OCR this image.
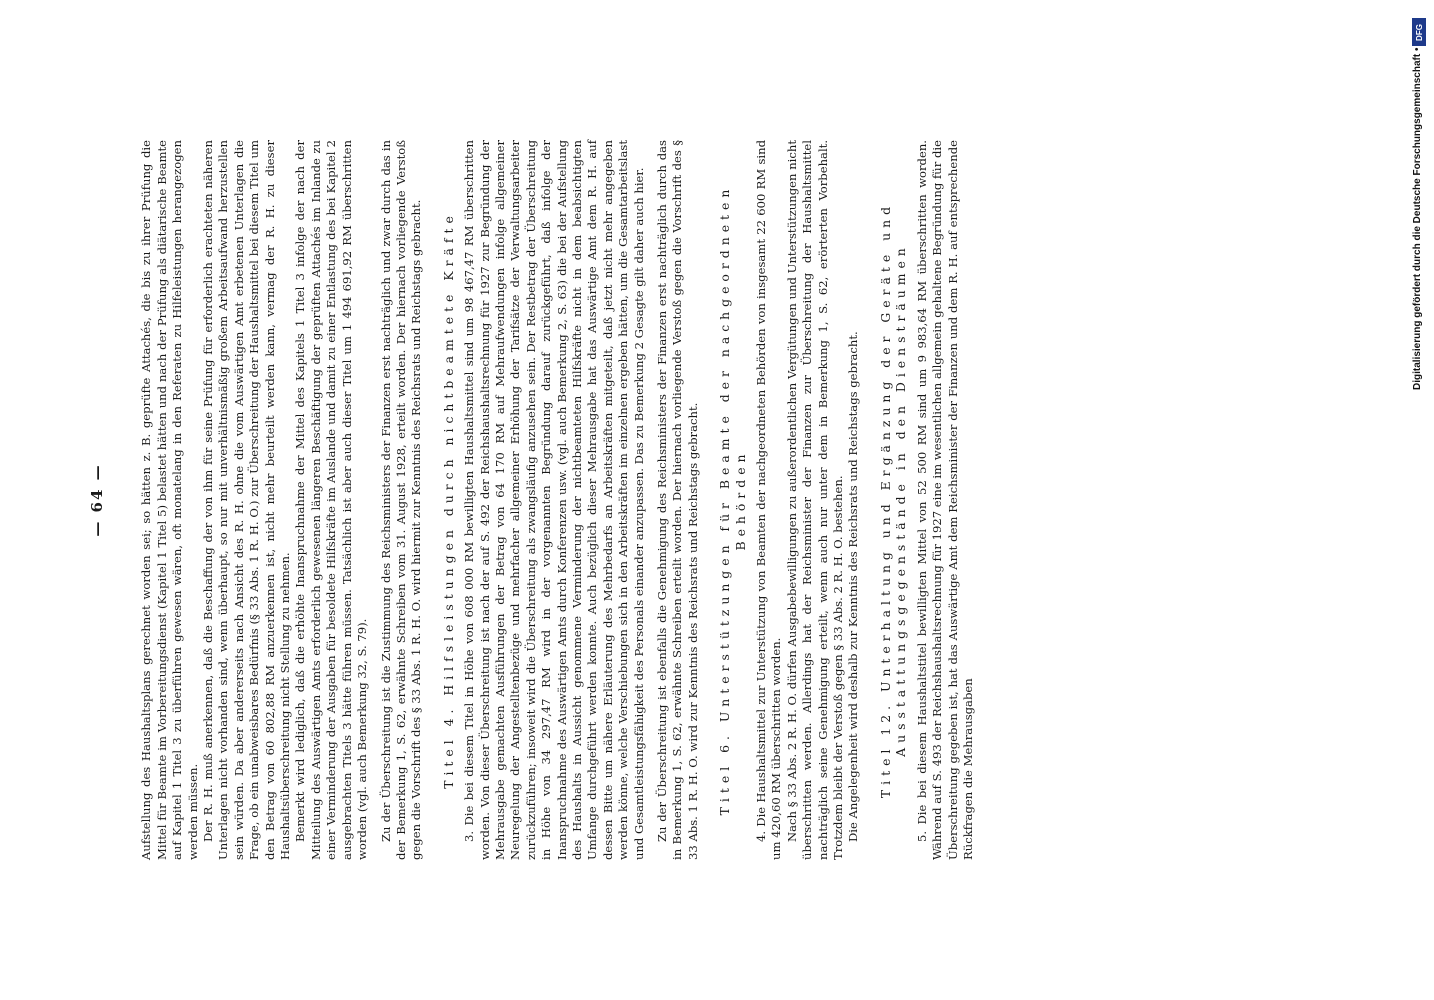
— 64 —	Aufstellung des Haushaltsplans gerechnet worden sei; so hätten z. B. geprüfte Attachés, die bis zu ihrer Prüfung die Mittel für Beamte im Vorbereitungsdienst (Kapitel 1 Titel 5) belastet hätten und nach der Prüfung als diätarische Beamte auf Kapitel 1 Titel 3 zu überführen gewesen wären, oft monatelang in den Referaten zu Hilfeleistungen herangezogen werden müssen. Der R. H. muß anerkennen, daß die Beschaffung der von ihm für seine Prüfung für erforderlich erachteten näheren Unterlagen nicht vorhanden sind, wenn überhaupt, so nur mit unverhältnismäßig großem Arbeitsaufwand herzustellen sein würden. Da aber andererseits nach Ansicht des R. H. ohne die vom Auswärtigen Amt erbetenen Unterlagen die Frage, ob ein unabweisbares Bedürfnis (§ 33 Abs. 1 R. H. O.) zur Überschreitung der Haushaltsmittel bei diesem Titel um den Betrag von 60 802,88 RM anzuerkennen ist, nicht mehr beurteilt werden kann, vermag der R. H. zu dieser Haushaltsüberschreitung nicht Stellung zu nehmen. Bemerkt wird lediglich, daß die erhöhte Inanspruchnahme der Mittel des Kapitels 1 Titel 3 infolge der nach der Mitteilung des Auswärtigen Amts erforderlich gewesenen längeren Beschäftigung der geprüften Attachés im Inlande zu einer Verminderung der Ausgaben für besoldete Hilfskräfte im Auslande und damit zu einer Entlastung des bei Kapitel 2 ausgebrachten Titels 3 hätte führen müssen. Tatsächlich ist aber auch dieser Titel um 1 494 691,92 RM überschritten worden (vgl. auch Bemerkung 32, S. 79). Zu der Überschreitung ist die Zustimmung des Reichsministers der Finanzen erst nachträglich und zwar durch das in der Bemerkung 1, S. 62, erwähnte Schreiben vom 31. August 1928, erteilt worden. Der hiernach vorliegende Verstoß gegen die Vorschrift des § 33 Abs. 1 R. H. O. wird hiermit zur Kenntnis des Reichsrats und Reichstags gebracht. Titel 4. Hilfsleistungen durch nichtbeamtete Kräfte 3. Die bei diesem Titel in Höhe von 608 000 RM bewilligten Haushaltsmittel sind um 98 467,47 RM überschritten worden. Von dieser Überschreitung ist nach der auf S. 492 der Reichshaushaltsrechnung für 1927 zur Begründung der Mehrausgabe gemachten Ausführungen der Betrag von 64 170 RM auf Mehraufwendungen infolge allgemeiner Neuregelung der Angestelltenbezüge und mehrfacher allgemeiner Erhöhung der Tarifsätze der Verwaltungsarbeiter zurückzuführen; insoweit wird die Überschreitung als zwangsläufig anzusehen sein. Der Restbetrag der Überschreitung in Höhe von 34 297,47 RM wird in der vorgenannten Begründung darauf zurückgeführt, daß infolge der Inanspruchnahme des Auswärtigen Amts durch Konferenzen usw. (vgl. auch Bemerkung 2, S. 63) die bei der Aufstellung des Haushalts in Aussicht genommene Verminderung der nichtbeamteten Hilfskräfte nicht in dem beabsichtigten Umfange durchgeführt werden konnte. Auch bezüglich dieser Mehrausgabe hat das Auswärtige Amt dem R. H. auf dessen Bitte um nähere Erläuterung des Mehrbedarfs an Arbeitskräften mitgeteilt, daß jetzt nicht mehr angegeben werden könne, welche Verschiebungen sich in den Arbeitskräften im einzelnen ergeben hätten, um die Gesamtarbeitslast und Gesamtleistungsfähigkeit des Personals einander anzupassen. Das zu Bemerkung 2 Gesagte gilt daher auch hier. Zu der Überschreitung ist ebenfalls die Genehmigung des Reichsministers der Finanzen erst nachträglich durch das in Bemerkung 1, S. 62, erwähnte Schreiben erteilt worden. Der hiernach vorliegende Verstoß gegen die Vorschrift des § 33 Abs. 1 R. H. O. wird zur Kenntnis des Reichsrats und Reichstags gebracht. Titel 6. Unterstützungen für Beamte der nachgeordneten Behörden 4. Die Haushaltsmittel zur Unterstützung von Beamten der nachgeordneten Behörden von insgesamt 22 600 RM sind um 420,60 RM überschritten worden. Nach § 33 Abs. 2 R. H. O. dürfen Ausgabebewilligungen zu außerordentlichen Vergütungen und Unterstützungen nicht überschritten werden. Allerdings hat der Reichsminister der Finanzen zur Überschreitung der Haushaltsmittel nachträglich seine Genehmigung erteilt, wenn auch nur unter dem in Bemerkung 1, S. 62, erörterten Vorbehalt. Trotzdem bleibt der Verstoß gegen § 33 Abs. 2 R. H. O. bestehen. Die Angelegenheit wird deshalb zur Kenntnis des Reichsrats und Reichstags gebracht. Titel 12. Unterhaltung und Ergänzung der Geräte und Ausstattungsgegenstände in den Diensträumen 5. Die bei diesem Haushaltstitel bewilligten Mittel von 52 500 RM sind um 9 983,64 RM überschritten worden. Während auf S. 493 der Reichshaushaltsrechnung für 1927 eine im wesentlichen allgemein gehaltene Begründung für die Überschreitung gegeben ist, hat das Auswärtige Amt dem Reichsminister der Finanzen und dem R. H. auf entsprechende Rückfragen die Mehrausgaben

DFG
Digitalisierung gefördert durch die Deutsche Forschungsgemeinschaft •
